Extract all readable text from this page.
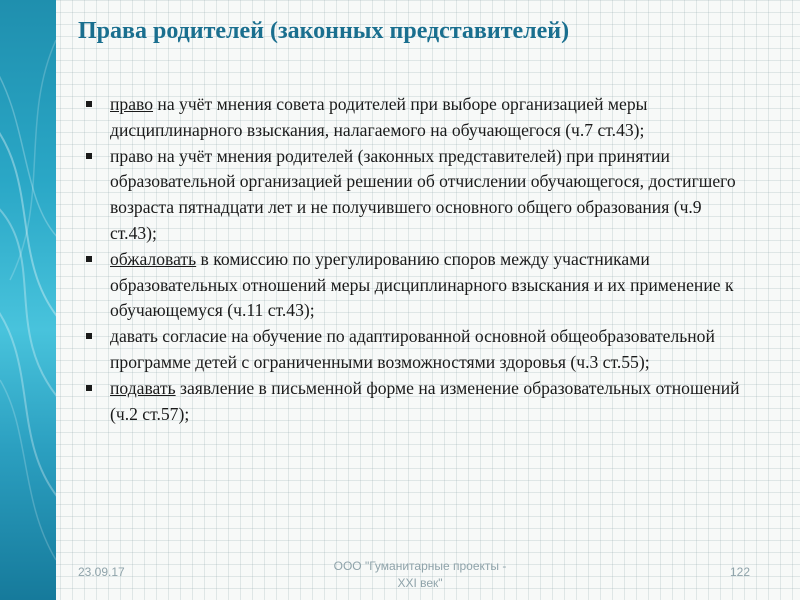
Права родителей (законных представителей)
право на учёт мнения совета родителей при выборе организацией меры дисциплинарного взыскания, налагаемого на обучающегося (ч.7 ст.43);
право на учёт мнения родителей (законных представителей) при принятии образовательной организацией решении об отчислении обучающегося, достигшего возраста пятнадцати лет и не получившего основного общего образования (ч.9 ст.43);
обжаловать в комиссию по урегулированию споров между участниками образовательных отношений меры дисциплинарного взыскания и их применение к обучающемуся (ч.11 ст.43);
давать согласие на обучение по адаптированной основной общеобразовательной программе детей с ограниченными возможностями здоровья (ч.3 ст.55);
подавать заявление в письменной форме на изменение образовательных отношений (ч.2 ст.57);
23.09.17	ООО "Гуманитарные проекты -
XXI век"
122
